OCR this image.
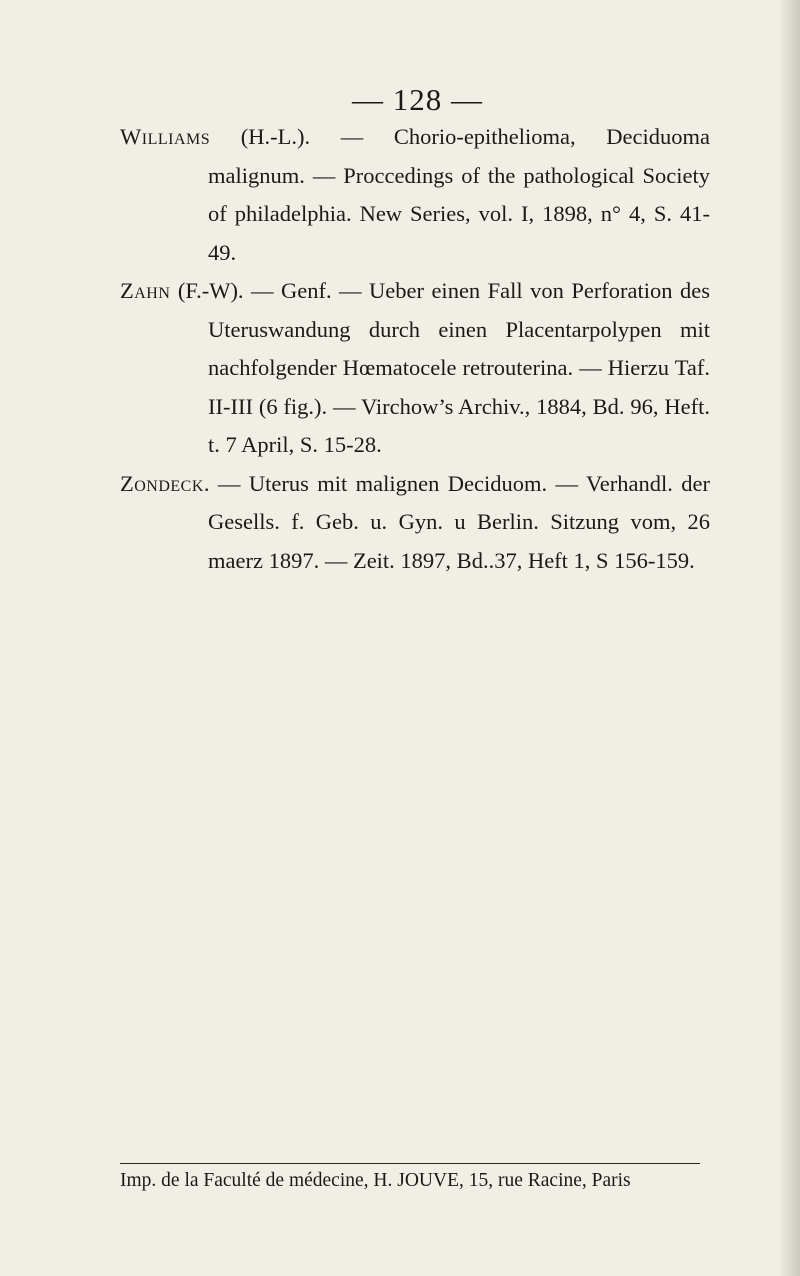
— 128 —

Williams (H.-L.). — Chorio-epithelioma, Deciduoma malignum. — Proccedings of the pathological Society of philadelphia. New Series, vol. I, 1898, n° 4, S. 41-49.

Zahn (F.-W). — Genf. — Ueber einen Fall von Perforation des Uteruswandung durch einen Placentarpolypen mit nachfolgender Hœmatocele retrouterina. — Hierzu Taf. II-III (6 fig.). — Virchow’s Archiv., 1884, Bd. 96, Heft. t. 7 April, S. 15-28.

Zondeck. — Uterus mit malignen Deciduom. — Verhandl. der Gesells. f. Geb. u. Gyn. u Berlin. Sitzung vom, 26 maerz 1897. — Zeit. 1897, Bd..37, Heft 1, S 156-159.

Imp. de la Faculté de médecine, H. JOUVE, 15, rue Racine, Paris
